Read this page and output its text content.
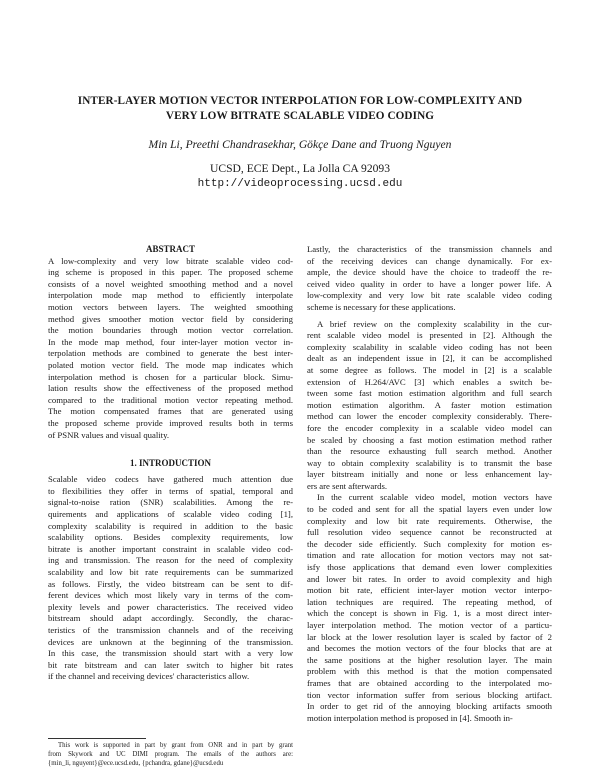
INTER-LAYER MOTION VECTOR INTERPOLATION FOR LOW-COMPLEXITY AND
VERY LOW BITRATE SCALABLE VIDEO CODING
Min Li, Preethi Chandrasekhar, Gökçe Dane and Truong Nguyen
UCSD, ECE Dept., La Jolla CA 92093
http://videoprocessing.ucsd.edu
ABSTRACT
A low-complexity and very low bitrate scalable video cod-
ing scheme is proposed in this paper. The proposed scheme
consists of a novel weighted smoothing method and a novel
interpolation mode map method to efficiently interpolate
motion vectors between layers. The weighted smoothing
method gives smoother motion vector field by considering
the motion boundaries through motion vector correlation.
In the mode map method, four inter-layer motion vector in-
terpolation methods are combined to generate the best inter-
polated motion vector field. The mode map indicates which
interpolation method is chosen for a particular block. Simu-
lation results show the effectiveness of the proposed method
compared to the traditional motion vector repeating method.
The motion compensated frames that are generated using
the proposed scheme provide improved results both in terms
of PSNR values and visual quality.
1. INTRODUCTION
Scalable video codecs have gathered much attention due
to flexibilities they offer in terms of spatial, temporal and
signal-to-noise ration (SNR) scalabilities. Among the re-
quirements and applications of scalable video coding [1],
complexity scalability is required in addition to the basic
scalability options. Besides complexity requirements, low
bitrate is another important constraint in scalable video cod-
ing and transmission. The reason for the need of complexity
scalability and low bit rate requirements can be summarized
as follows. Firstly, the video bitstream can be sent to dif-
ferent devices which most likely vary in terms of the com-
plexity levels and power characteristics. The received video
bitstream should adapt accordingly. Secondly, the charac-
teristics of the transmission channels and of the receiving
devices are unknown at the beginning of the transmission.
In this case, the transmission should start with a very low
bit rate bitstream and can later switch to higher bit rates
if the channel and receiving devices' characteristics allow.
Lastly, the characteristics of the transmission channels and
of the receiving devices can change dynamically. For ex-
ample, the device should have the choice to tradeoff the re-
ceived video quality in order to have a longer power life. A
low-complexity and very low bit rate scalable video coding
scheme is necessary for these applications.
A brief review on the complexity scalability in the cur-
rent scalable video model is presented in [2]. Although the
complexity scalability in scalable video coding has not been
dealt as an independent issue in [2], it can be accomplished
at some degree as follows. The model in [2] is a scalable
extension of H.264/AVC [3] which enables a switch be-
tween some fast motion estimation algorithm and full search
motion estimation algorithm. A faster motion estimation
method can lower the encoder complexity considerably. There-
fore the encoder complexity in a scalable video model can
be scaled by choosing a fast motion estimation method rather
than the resource exhausting full search method. Another
way to obtain complexity scalability is to transmit the base
layer bitstream initially and none or less enhancement lay-
ers are sent afterwards.
In the current scalable video model, motion vectors have
to be coded and sent for all the spatial layers even under low
complexity and low bit rate requirements. Otherwise, the
full resolution video sequence cannot be reconstructed at
the decoder side efficiently. Such complexity for motion es-
timation and rate allocation for motion vectors may not sat-
isfy those applications that demand even lower complexities
and lower bit rates. In order to avoid complexity and high
motion bit rate, efficient inter-layer motion vector interpo-
lation techniques are required. The repeating method, of
which the concept is shown in Fig. 1, is a most direct inter-
layer interpolation method. The motion vector of a particu-
lar block at the lower resolution layer is scaled by factor of 2
and becomes the motion vectors of the four blocks that are at
the same positions at the higher resolution layer. The main
problem with this method is that the motion compensated
frames that are obtained according to the interpolated mo-
tion vector information suffer from serious blocking artifact.
In order to get rid of the annoying blocking artifacts smooth
motion interpolation method is proposed in [4]. Smooth in-
This work is supported in part by grant from ONR and in part by grant
from Skywork and UC DIMI program. The emails of the authors are:
{min_li, nguyent}@ece.ucsd.edu, {pchandra, gdane}@ucsd.edu
